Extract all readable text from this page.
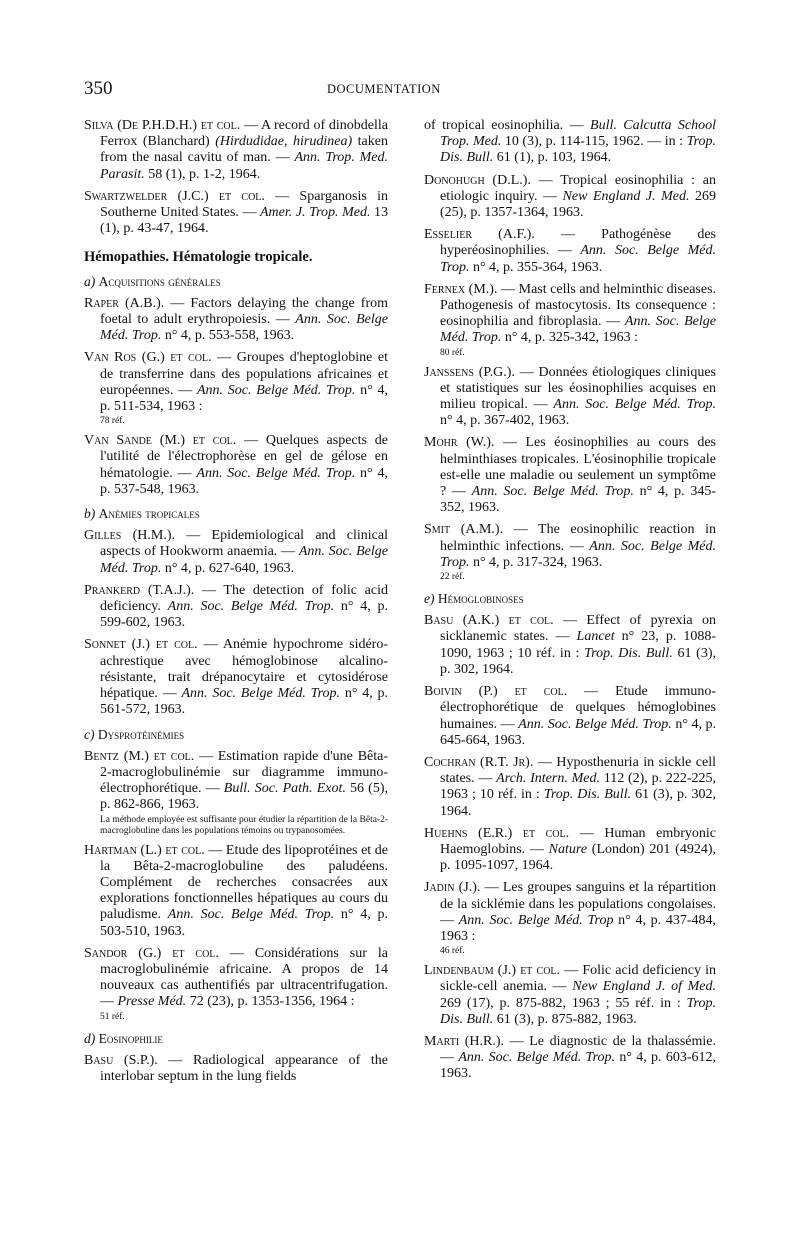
350	DOCUMENTATION
Silva (De P.H.D.H.) et col. — A record of dinobdella Ferrox (Blanchard) (Hirdudidae, hirudinea) taken from the nasal cavitu of man. — Ann. Trop. Med. Parasit. 58 (1), p. 1-2, 1964.
Swartzwelder (J.C.) et col. — Sparganosis in Southerne United States. — Amer. J. Trop. Med. 13 (1), p. 43-47, 1964.
Hémopathies. Hématologie tropicale.
a) Acquisitions générales
Raper (A.B.). — Factors delaying the change from foetal to adult erythropoiesis. — Ann. Soc. Belge Méd. Trop. n° 4, p. 553-558, 1963.
Van Ros (G.) et col. — Groupes d'heptoglobine et de transferrine dans des populations africaines et européennes. — Ann. Soc. Belge Méd. Trop. n° 4, p. 511-534, 1963 :
78 réf.
Van Sande (M.) et col. — Quelques aspects de l'utilité de l'électrophorèse en gel de gélose en hématologie. — Ann. Soc. Belge Méd. Trop. n° 4, p. 537-548, 1963.
b) Anémies tropicales
Gilles (H.M.). — Epidemiological and clinical aspects of Hookworm anaemia. — Ann. Soc. Belge Méd. Trop. n° 4, p. 627-640, 1963.
Prankerd (T.A.J.). — The detection of folic acid deficiency. Ann. Soc. Belge Méd. Trop. n° 4, p. 599-602, 1963.
Sonnet (J.) et col. — Anémie hypochrome sidéro-achrestique avec hémoglobinose alcalino-résistante, trait drépanocytaire et cytosidérose hépatique. — Ann. Soc. Belge Méd. Trop. n° 4, p. 561-572, 1963.
c) Dysprotéinémies
Bentz (M.) et col. — Estimation rapide d'une Bêta-2-macroglobulinémie sur diagramme immuno-électrophorétique. — Bull. Soc. Path. Exot. 56 (5), p. 862-866, 1963.
La méthode employée est suffisante pour étudier la répartition de la Bêta-2-macroglobuline dans les populations témoins ou trypanosomées.
Hartman (L.) et col. — Etude des lipoprotéines et de la Bêta-2-macroglobuline des paludéens. Complément de recherches consacrées aux explorations fonctionnelles hépatiques au cours du paludisme. Ann. Soc. Belge Méd. Trop. n° 4, p. 503-510, 1963.
Sandor (G.) et col. — Considérations sur la macroglobulinémie africaine. A propos de 14 nouveaux cas authentifiés par ultracentrifugation. — Presse Méd. 72 (23), p. 1353-1356, 1964 :
51 réf.
d) Eosinophilie
Basu (S.P.). — Radiological appearance of the interlobar septum in the lung fields
of tropical eosinophilia. — Bull. Calcutta School Trop. Med. 10 (3), p. 114-115, 1962. — in : Trop. Dis. Bull. 61 (1), p. 103, 1964.
Donohugh (D.L.). — Tropical eosinophilia : an etiologic inquiry. — New England J. Med. 269 (25), p. 1357-1364, 1963.
Esselier (A.F.). — Pathogénèse des hyperéosinophilies. — Ann. Soc. Belge Méd. Trop. n° 4, p. 355-364, 1963.
Fernex (M.). — Mast cells and helminthic diseases. Pathogenesis of mastocytosis. Its consequence : eosinophilia and fibroplasia. — Ann. Soc. Belge Méd. Trop. n° 4, p. 325-342, 1963 :
80 réf.
Janssens (P.G.). — Données étiologiques cliniques et statistiques sur les éosinophilies acquises en milieu tropical. — Ann. Soc. Belge Méd. Trop. n° 4, p. 367-402, 1963.
Mohr (W.). — Les éosinophilies au cours des helminthiases tropicales. L'éosinophilie tropicale est-elle une maladie ou seulement un symptôme ? — Ann. Soc. Belge Méd. Trop. n° 4, p. 345-352, 1963.
Smit (A.M.). — The eosinophilic reaction in helminthic infections. — Ann. Soc. Belge Méd. Trop. n° 4, p. 317-324, 1963.
22 réf.
e) Hémoglobinoses
Basu (A.K.) et col. — Effect of pyrexia on sicklanemic states. — Lancet n° 23, p. 1088-1090, 1963 ; 10 réf. in : Trop. Dis. Bull. 61 (3), p. 302, 1964.
Boivin (P.) et col. — Etude immuno-électrophorétique de quelques hémoglobines humaines. — Ann. Soc. Belge Méd. Trop. n° 4, p. 645-664, 1963.
Cochran (R.T. Jr). — Hyposthenuria in sickle cell states. — Arch. Intern. Med. 112 (2), p. 222-225, 1963 ; 10 réf. in : Trop. Dis. Bull. 61 (3), p. 302, 1964.
Huehns (E.R.) et col. — Human embryonic Haemoglobins. — Nature (London) 201 (4924), p. 1095-1097, 1964.
Jadin (J.). — Les groupes sanguins et la répartition de la sicklémie dans les populations congolaises. — Ann. Soc. Belge Méd. Trop n° 4, p. 437-484, 1963 :
46 réf.
Lindenbaum (J.) et col. — Folic acid deficiency in sickle-cell anemia. — New England J. of Med. 269 (17), p. 875-882, 1963 ; 55 réf. in : Trop. Dis. Bull. 61 (3), p. 875-882, 1963.
Marti (H.R.). — Le diagnostic de la thalassémie. — Ann. Soc. Belge Méd. Trop. n° 4, p. 603-612, 1963.
